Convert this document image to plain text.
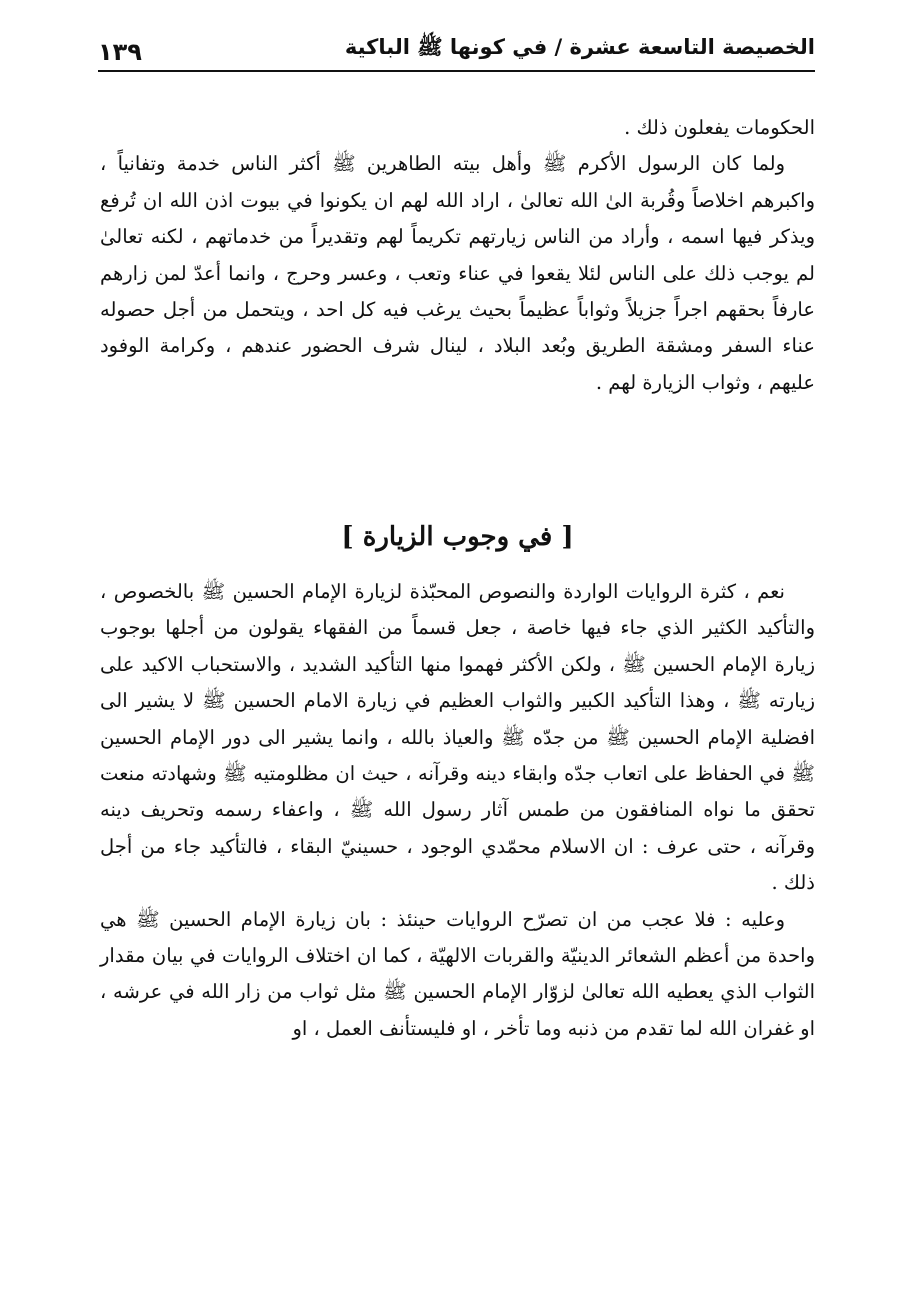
الخصيصة التاسعة عشرة / في كونها ﷺ الباكية
١٣٩

الحكومات يفعلون ذلك .

ولما كان الرسول الأكرم ﷺ وأهل بيته الطاهرين ﷺ أكثر الناس خدمة وتفانياً ، واكبرهم اخلاصاً وقُربة الىٰ الله تعالىٰ ، اراد الله لهم ان يكونوا في بيوت اذن الله ان تُرفع ويذكر فيها اسمه ، وأراد من الناس زيارتهم تكريماً لهم وتقديراً من خدماتهم ، لكنه تعالىٰ لم يوجب ذلك على الناس لئلا يقعوا في عناء وتعب ، وعسر وحرج ، وانما أعدّ لمن زارهم عارفاً بحقهم اجراً جزيلاً وثواباً عظيماً بحيث يرغب فيه كل احد ، ويتحمل من أجل حصوله عناء السفر ومشقة الطريق وبُعد البلاد ، لينال شرف الحضور عندهم ، وكرامة الوفود عليهم ، وثواب الزيارة لهم .

[ في وجوب الزيارة ]

نعم ، كثرة الروايات الواردة والنصوص المحبّذة لزيارة الإمام الحسين ﷺ بالخصوص ، والتأكيد الكثير الذي جاء فيها خاصة ، جعل قسماً من الفقهاء يقولون من أجلها بوجوب زيارة الإمام الحسين ﷺ ، ولكن الأكثر فهموا منها التأكيد الشديد ، والاستحباب الاكيد على زيارته ﷺ ، وهذا التأكيد الكبير والثواب العظيم في زيارة الامام الحسين ﷺ لا يشير الى افضلية الإمام الحسين ﷺ من جدّه ﷺ والعياذ بالله ، وانما يشير الى دور الإمام الحسين ﷺ في الحفاظ على اتعاب جدّه وابقاء دينه وقرآنه ، حيث ان مظلومتيه ﷺ وشهادته منعت تحقق ما نواه المنافقون من طمس آثار رسول الله ﷺ ، واعفاء رسمه وتحريف دينه وقرآنه ، حتى عرف : ان الاسلام محمّدي الوجود ، حسينيّ البقاء ، فالتأكيد جاء من أجل ذلك .

وعليه : فلا عجب من ان تصرّح الروايات حينئذ : بان زيارة الإمام الحسين ﷺ هي واحدة من أعظم الشعائر الدينيّة والقربات الالهيّة ، كما ان اختلاف الروايات في بيان مقدار الثواب الذي يعطيه الله تعالىٰ لزوّار الإمام الحسين ﷺ مثل ثواب من زار الله في عرشه ، او غفران الله لما تقدم من ذنبه وما تأخر ، او فليستأنف العمل ، او
